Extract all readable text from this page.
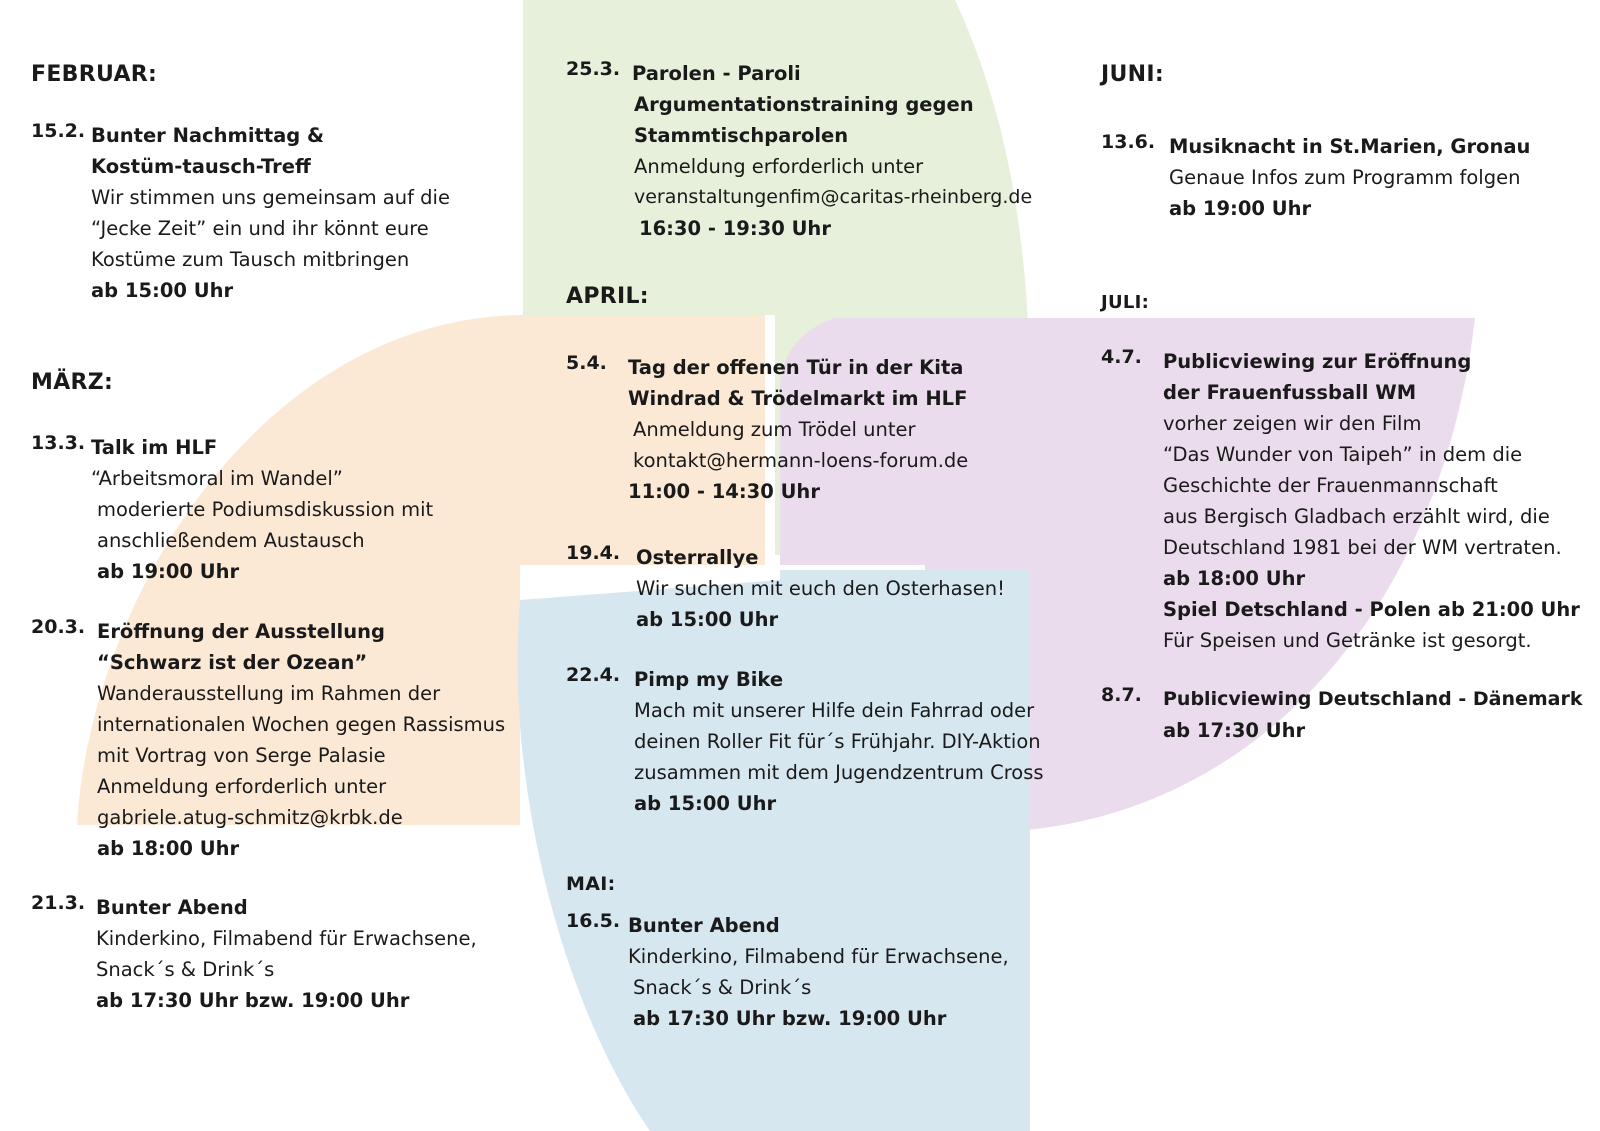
FEBRUAR:
15.2. Bunter Nachmittag &
Kostüm-tausch-Treff
Wir stimmen uns gemeinsam auf die
“Jecke Zeit” ein und ihr könnt eure
Kostüme zum Tausch mitbringen
ab 15:00 Uhr
MÄRZ:
13.3. Talk im HLF
“Arbeitsmoral im Wandel”
moderierte Podiumsdiskussion mit
anschließendem Austausch
ab 19:00 Uhr
20.3. Eröffnung der Ausstellung
“Schwarz ist der Ozean”
Wanderausstellung im Rahmen der
internationalen Wochen gegen Rassismus
mit Vortrag von Serge Palasie
Anmeldung erforderlich unter
gabriele.atug-schmitz@krbk.de
ab 18:00 Uhr
21.3. Bunter Abend
Kinderkino, Filmabend für Erwachsene,
Snack´s & Drink´s
ab 17:30 Uhr bzw. 19:00 Uhr
25.3. Parolen - Paroli
Argumentationstraining gegen
Stammtischparolen
Anmeldung erforderlich unter
veranstaltungenfim@caritas-rheinberg.de
16:30 - 19:30 Uhr
APRIL:
5.4. Tag der offenen Tür in der Kita
Windrad & Trödelmarkt im HLF
Anmeldung zum Trödel unter
kontakt@hermann-loens-forum.de
11:00 - 14:30 Uhr
19.4. Osterrallye
Wir suchen mit euch den Osterhasen!
ab 15:00 Uhr
22.4. Pimp my Bike
Mach mit unserer Hilfe dein Fahrrad oder
deinen Roller Fit für´s Frühjahr. DIY-Aktion
zusammen mit dem Jugendzentrum Cross
ab 15:00 Uhr
MAI:
16.5. Bunter Abend
Kinderkino, Filmabend für Erwachsene,
Snack´s & Drink´s
ab 17:30 Uhr bzw. 19:00 Uhr
JUNI:
13.6. Musiknacht in St.Marien, Gronau
Genaue Infos zum Programm folgen
ab 19:00 Uhr
JULI:
4.7. Publicviewing zur Eröffnung
der Frauenfussball WM
vorher zeigen wir den Film
“Das Wunder von Taipeh” in dem die
Geschichte der Frauenmannschaft
aus Bergisch Gladbach erzählt wird, die
Deutschland 1981 bei der WM vertraten.
ab 18:00 Uhr
Spiel Detschland - Polen ab 21:00 Uhr
Für Speisen und Getränke ist gesorgt.
8.7. Publicviewing Deutschland - Dänemark
ab 17:30 Uhr
